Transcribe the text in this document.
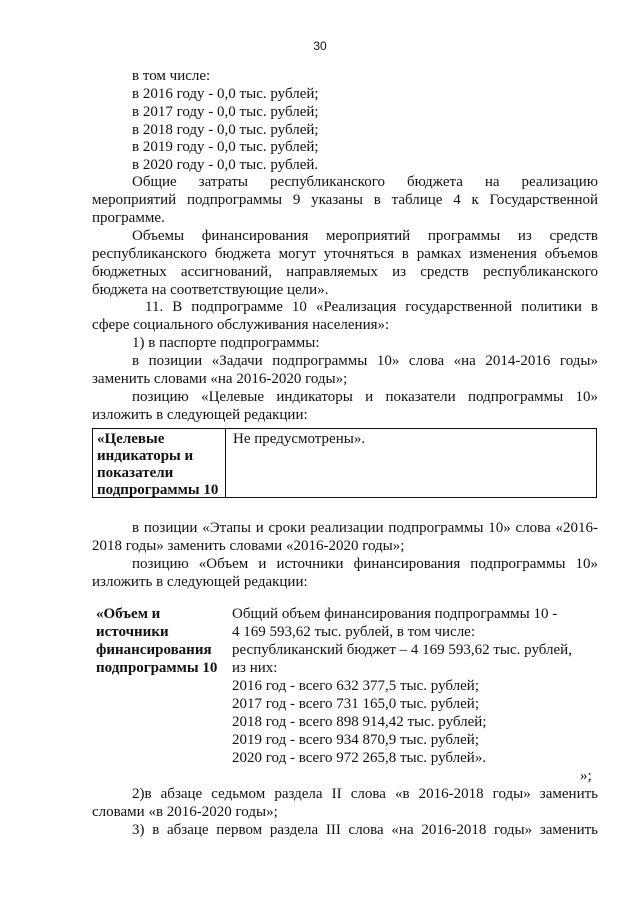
30
в том числе:
в 2016 году - 0,0 тыс. рублей;
в 2017 году - 0,0 тыс. рублей;
в 2018 году - 0,0 тыс. рублей;
в 2019 году - 0,0 тыс. рублей;
в 2020 году - 0,0 тыс. рублей.
Общие затраты республиканского бюджета на реализацию
мероприятий подпрограммы 9 указаны в таблице 4 к Государственной
программе.
Объемы финансирования мероприятий программы из средств
республиканского бюджета могут уточняться в рамках изменения объемов
бюджетных ассигнований, направляемых из средств республиканского
бюджета на соответствующие цели».
11. В подпрограмме 10 «Реализация государственной политики в
сфере социального обслуживания населения»:
1) в паспорте подпрограммы:
в позиции «Задачи подпрограммы 10» слова «на 2014-2016 годы»
заменить словами «на 2016-2020 годы»;
позицию «Целевые индикаторы и показатели подпрограммы 10»
изложить в следующей редакции:
«Целевые
индикаторы и
показатели
подпрограммы 10
Не предусмотрены».
в позиции «Этапы и сроки реализации подпрограммы 10» слова «2016-
2018 годы» заменить словами «2016-2020 годы»;
позицию «Объем и источники финансирования подпрограммы 10»
изложить в следующей редакции:
«Объем и
источники
финансирования
подпрограммы 10
Общий объем финансирования подпрограммы 10 -
4 169 593,62 тыс. рублей, в том числе:
республиканский бюджет – 4 169 593,62 тыс. рублей,
из них:
2016 год - всего 632 377,5 тыс. рублей;
2017 год - всего 731 165,0 тыс. рублей;
2018 год - всего 898 914,42 тыс. рублей;
2019 год - всего 934 870,9 тыс. рублей;
2020 год - всего 972 265,8 тыс. рублей».
»;
2)в абзаце седьмом раздела II слова «в 2016-2018 годы» заменить
словами «в 2016-2020 годы»;
3) в абзаце первом раздела III слова «на 2016-2018 годы» заменить
